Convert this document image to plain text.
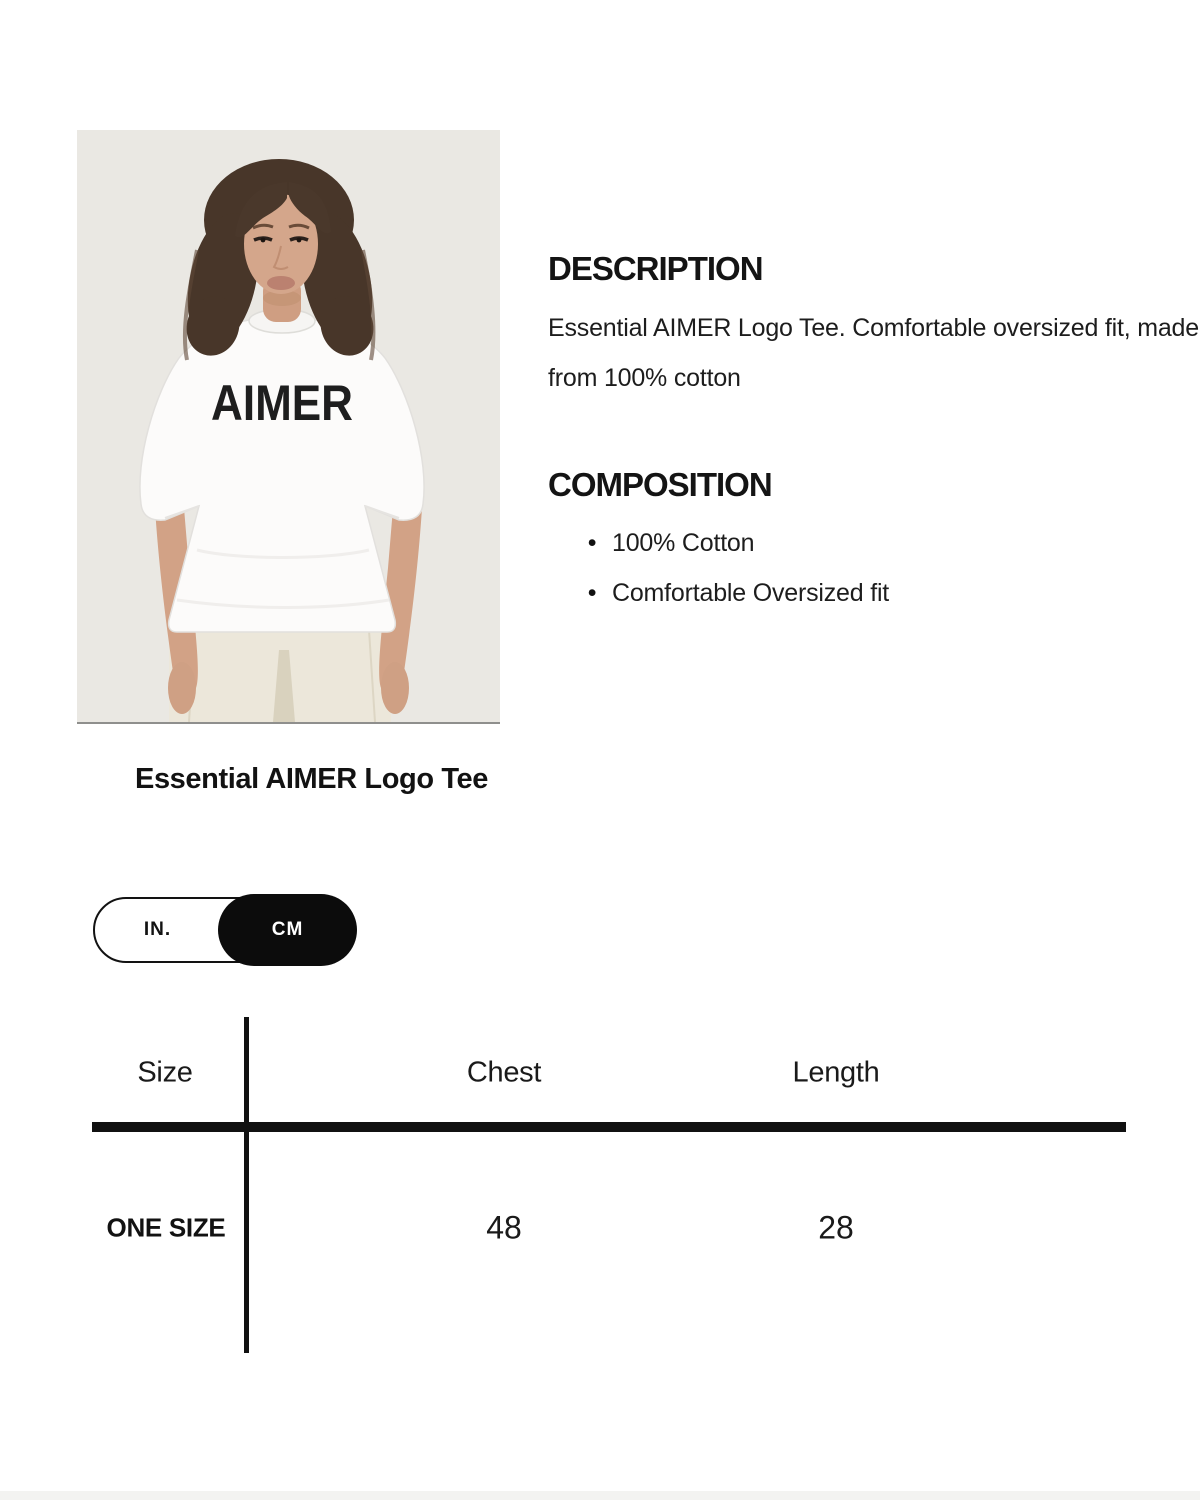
AIMER
Essential AIMER Logo Tee
DESCRIPTION

Essential AIMER Logo Tee. Comfortable oversized fit, made from 100% cotton

COMPOSITION
• 100% Cotton
• Comfortable Oversized fit
IN.	CM
Size	Chest	Length
ONE SIZE	48	28
